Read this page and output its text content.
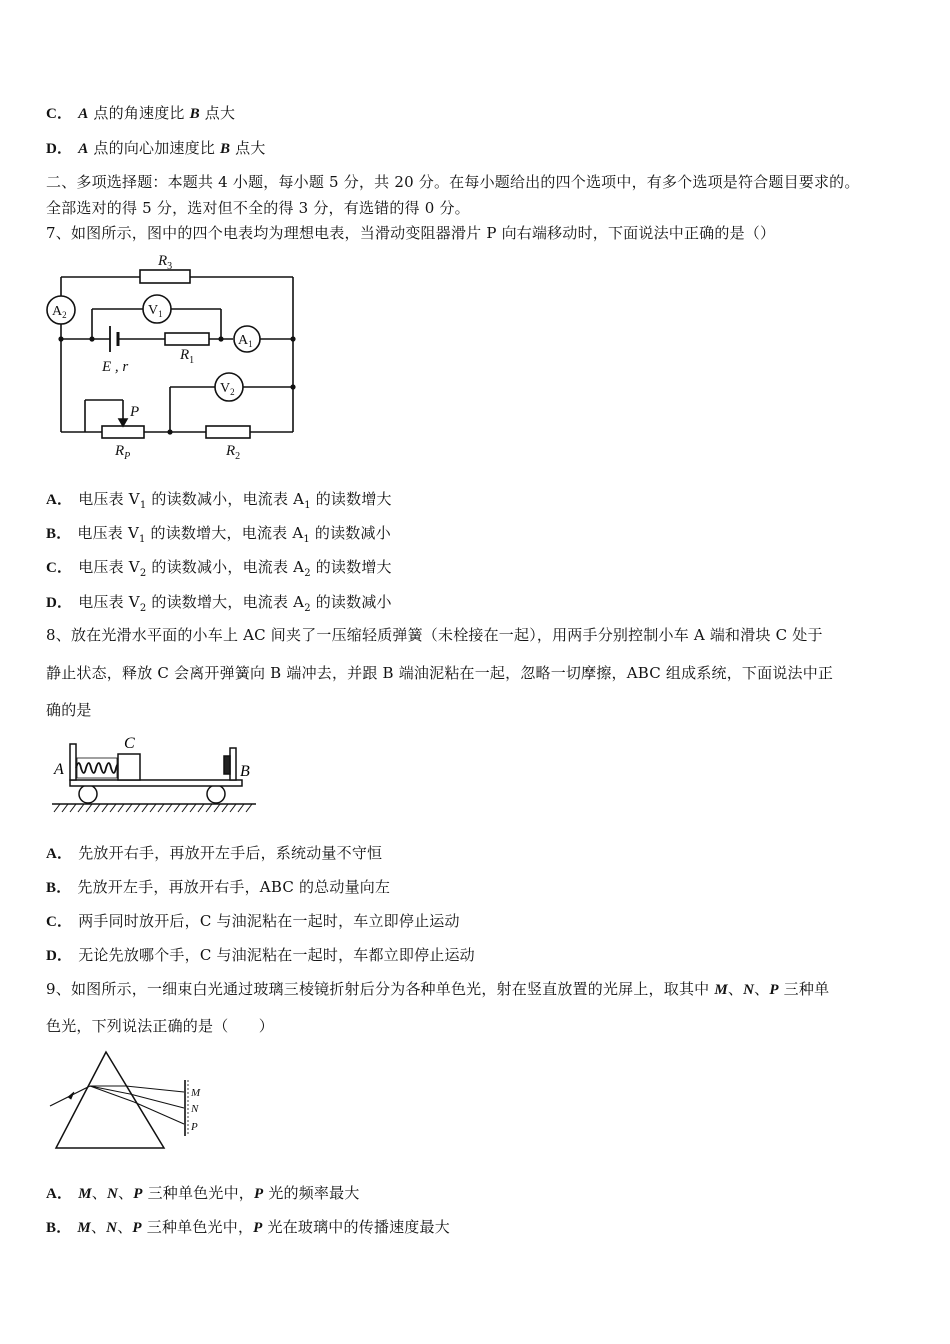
C． A 点的角速度比 B 点大
D． A 点的向心加速度比 B 点大
二、多项选择题：本题共 4 小题，每小题 5 分，共 20 分。在每小题给出的四个选项中，有多个选项是符合题目要求的。
全部选对的得 5 分，选对但不全的得 3 分，有选错的得 0 分。
7、如图所示，图中的四个电表均为理想电表，当滑动变阻器滑片 P 向右端移动时，下面说法中正确的是（）
$R_3$
$R_1$
E , r
P
$R_P$	$R_2$
$A_2$	$V_1$
$A_1$
$V_2$
A． 电压表 $V_1$ 的读数减小，电流表 $A_1$ 的读数增大
B． 电压表 $V_1$ 的读数增大，电流表 $A_1$ 的读数减小
C． 电压表 $V_2$ 的读数减小，电流表 $A_2$ 的读数增大
D． 电压表 $V_2$ 的读数增大，电流表 $A_2$ 的读数减小
8、放在光滑水平面的小车上 AC 间夹了一压缩轻质弹簧（未栓接在一起），用两手分别控制小车 A 端和滑块 C 处于
静止状态，释放 C 会离开弹簧向 B 端冲去，并跟 B 端油泥粘在一起，忽略一切摩擦，ABC 组成系统，下面说法中正
确的是
A
C
B
A． 先放开右手，再放开左手后，系统动量不守恒
B． 先放开左手，再放开右手，ABC 的总动量向左
C． 两手同时放开后，C 与油泥粘在一起时，车立即停止运动
D． 无论先放哪个手，C 与油泥粘在一起时，车都立即停止运动
9、如图所示，一细束白光通过玻璃三棱镜折射后分为各种单色光，射在竖直放置的光屏上，取其中 M、N、P 三种单
色光，下列说法正确的是（　　）
M
N
P
A． M、N、P 三种单色光中，P 光的频率最大
B． M、N、P 三种单色光中，P 光在玻璃中的传播速度最大
